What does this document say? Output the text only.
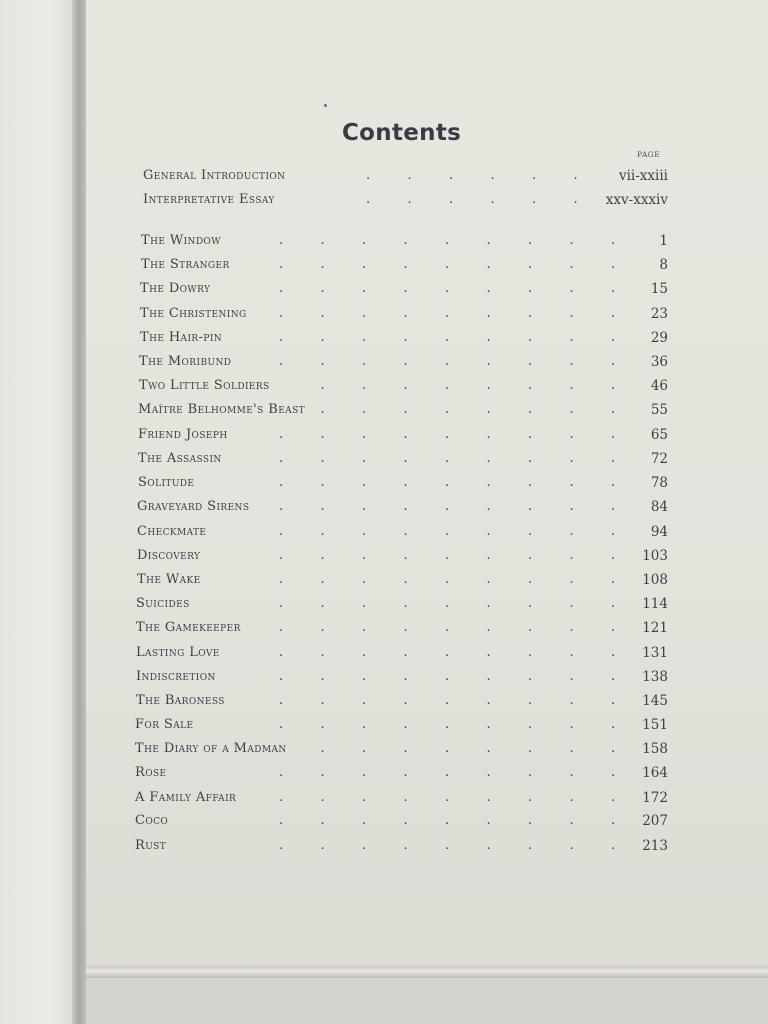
Contents
PAGE
General Introduction	.	.	.	.	.	.	vii-xxiii
Interpretative Essay	.	.	.	.	.	. xxv-xxxiv
The Window	.	.	.	.	.	.	.	.	.	1
The Stranger	.	.	.	.	.	.	.	.	.	8
The Dowry	.	.	.	.	.	.	.	.	.	15
The Christening .	.	.	.	.	.	.	.	.	23
The Hair-pin	.	.	.	.	.	.	.	.	.	29
The Moribund	.	.	.	.	.	.	.	.	.	36
Two Little Soldiers	.	.	.	.	.	.	.	.	46
Maître Belhomme's Beast .	.	.	.	.	.	.	.	55
Friend Joseph	.	.	.	.	.	.	.	.	.	65
The Assassin	.	.	.	.	.	.	.	.	.	72
Solitude	.	.	.	.	.	.	.	.	.	78
Graveyard Sirens .	.	.	.	.	.	.	.	.	84
Checkmate	.	.	.	.	.	.	.	.	.	94
Discovery	.	.	.	.	.	.	.	.	. 103
The Wake	.	.	.	.	.	.	.	.	. 108
Suicides	.	.	.	.	.	.	.	.	. 114
The Gamekeeper	.	.	.	.	.	.	.	.	. 121
Lasting Love	.	.	.	.	.	.	.	.	. 131
Indiscretion	.	.	.	.	.	.	.	.	. 138
The Baroness	.	.	.	.	.	.	.	.	. 145
For Sale	.	.	.	.	.	.	.	.	. 151
The Diary of a Madman	.	.	.	.	.	.	.	. 158
Rose	.	.	.	.	.	.	.	.	. 164
A Family Affair	.	.	.	.	.	.	.	.	. 172
Coco	.	.	.	.	.	.	.	.	. 207
Rust	.	.	.	.	.	.	.	.	. 213
